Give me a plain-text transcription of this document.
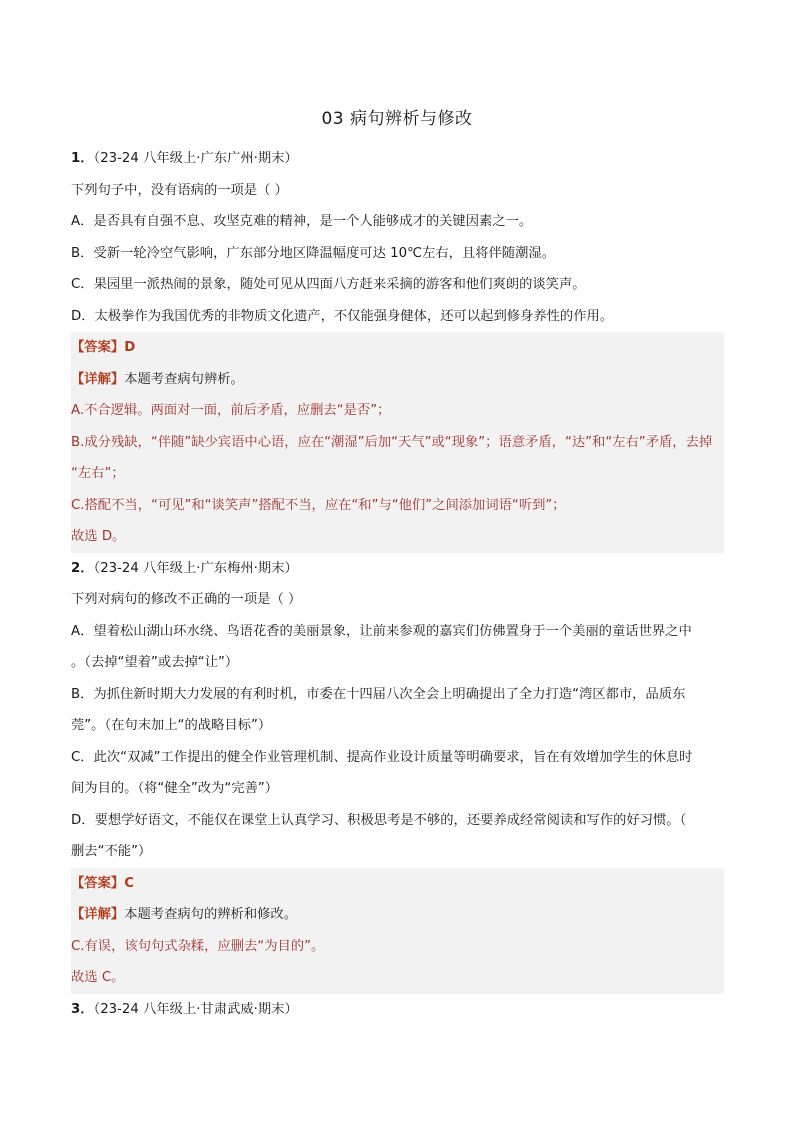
03 病句辨析与修改
1．（23-24 八年级上·广东广州·期末）
下列句子中，没有语病的一项是（ ）
A．是否具有自强不息、攻坚克难的精神，是一个人能够成才的关键因素之一。
B．受新一轮冷空气影响，广东部分地区降温幅度可达 10℃左右，且将伴随潮湿。
C．果园里一派热闹的景象，随处可见从四面八方赶来采摘的游客和他们爽朗的谈笑声。
D．太极拳作为我国优秀的非物质文化遗产，不仅能强身健体，还可以起到修身养性的作用。
【答案】D
【详解】本题考查病句辨析。
A.不合逻辑。两面对一面，前后矛盾，应删去“是否”；
B.成分残缺，“伴随”缺少宾语中心语，应在“潮湿”后加“天气”或“现象”；语意矛盾，“达”和“左右”矛盾，去掉
“左右”；
C.搭配不当，“可见”和“谈笑声”搭配不当，应在“和”与“他们”之间添加词语“听到”；
故选 D。
2．（23-24 八年级上·广东梅州·期末）
下列对病句的修改不正确的一项是（ ）
A．望着松山湖山环水绕、鸟语花香的美丽景象，让前来参观的嘉宾们仿佛置身于一个美丽的童话世界之中
。（去掉“望着”或去掉“让”）
B．为抓住新时期大力发展的有利时机，市委在十四届八次全会上明确提出了全力打造“湾区都市，品质东
莞”。（在句末加上“的战略目标”）
C．此次“双减”工作提出的健全作业管理机制、提高作业设计质量等明确要求，旨在有效增加学生的休息时
间为目的。（将“健全”改为“完善”）
D．要想学好语文，不能仅在课堂上认真学习、积极思考是不够的，还要养成经常阅读和写作的好习惯。（
删去“不能”）
【答案】C
【详解】本题考查病句的辨析和修改。
C.有误，该句句式杂糅，应删去“为目的”。
故选 C。
3．（23-24 八年级上·甘肃武威·期末）
